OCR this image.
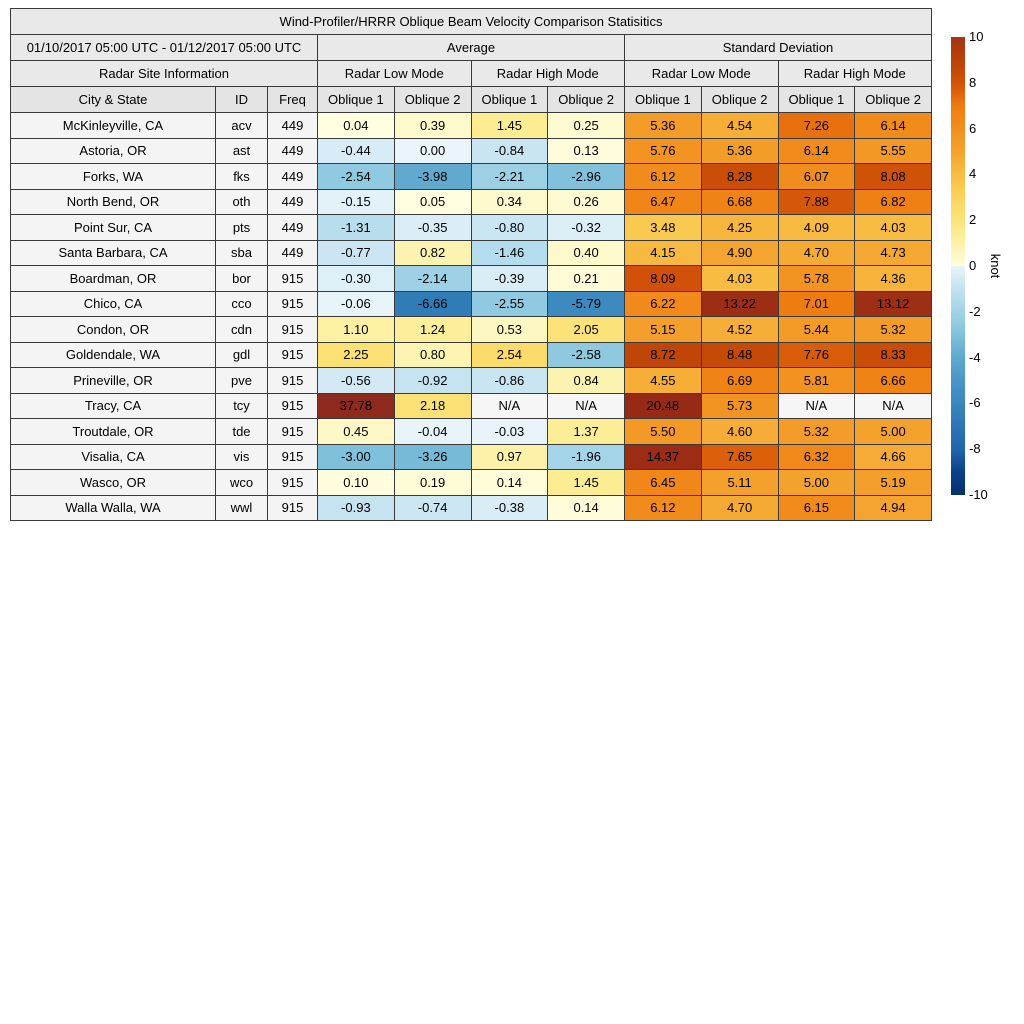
Wind-Profiler/HRRR Oblique Beam Velocity Comparison Statisitics										
01/10/2017 05:00 UTC - 01/12/2017 05:00 UTC			Average				Standard Deviation			
Radar Site Information			Radar Low Mode		Radar High Mode		Radar Low Mode		Radar High Mode	
City & State	ID	Freq	Oblique 1	Oblique 2	Oblique 1	Oblique 2	Oblique 1	Oblique 2	Oblique 1	Oblique 2
McKinleyville, CA	acv	449	0.04	0.39	1.45	0.25	5.36	4.54	7.26	6.14
Astoria, OR	ast	449	-0.44	0.00	-0.84	0.13	5.76	5.36	6.14	5.55
Forks, WA	fks	449	-2.54	-3.98	-2.21	-2.96	6.12	8.28	6.07	8.08
North Bend, OR	oth	449	-0.15	0.05	0.34	0.26	6.47	6.68	7.88	6.82
Point Sur, CA	pts	449	-1.31	-0.35	-0.80	-0.32	3.48	4.25	4.09	4.03
Santa Barbara, CA	sba	449	-0.77	0.82	-1.46	0.40	4.15	4.90	4.70	4.73
Boardman, OR	bor	915	-0.30	-2.14	-0.39	0.21	8.09	4.03	5.78	4.36
Chico, CA	cco	915	-0.06	-6.66	-2.55	-5.79	6.22	13.22	7.01	13.12
Condon, OR	cdn	915	1.10	1.24	0.53	2.05	5.15	4.52	5.44	5.32
Goldendale, WA	gdl	915	2.25	0.80	2.54	-2.58	8.72	8.48	7.76	8.33
Prineville, OR	pve	915	-0.56	-0.92	-0.86	0.84	4.55	6.69	5.81	6.66
Tracy, CA	tcy	915	37.78	2.18	N/A	N/A	20.48	5.73	N/A	N/A
Troutdale, OR	tde	915	0.45	-0.04	-0.03	1.37	5.50	4.60	5.32	5.00
Visalia, CA	vis	915	-3.00	-3.26	0.97	-1.96	14.37	7.65	6.32	4.66
Wasco, OR	wco	915	0.10	0.19	0.14	1.45	6.45	5.11	5.00	5.19
Walla Walla, WA	wwl	915	-0.93	-0.74	-0.38	0.14	6.12	4.70	6.15	4.94
10
8
6
4
2
0
-2
-4
-6
-8
-10
knot
